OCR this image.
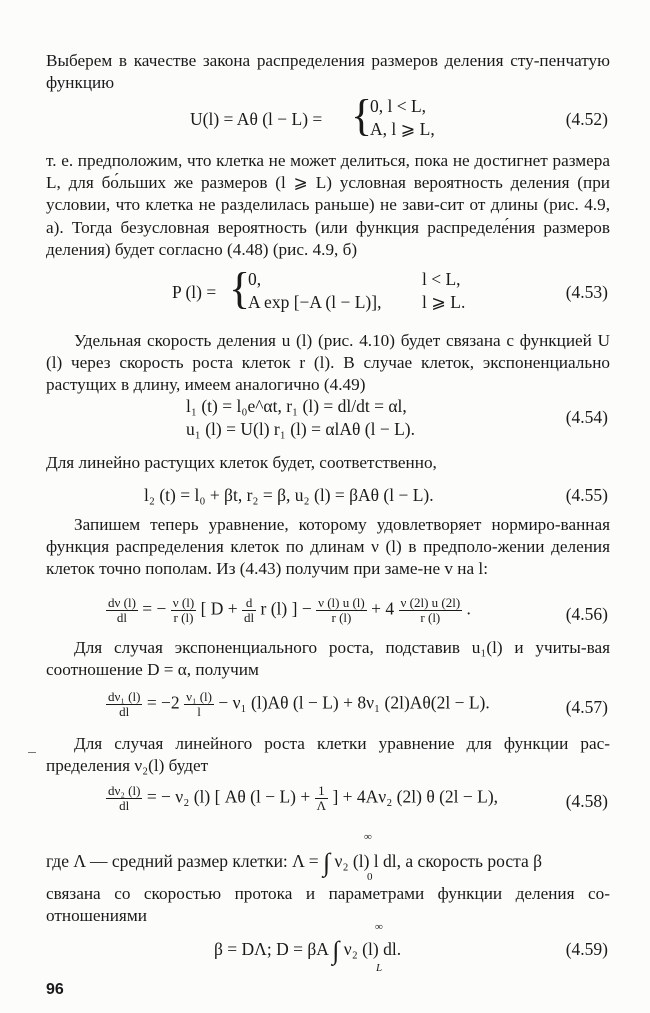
Выберем в качестве закона распределения размеров деления сту-пенчатую функцию
U(l) = Aθ (l − L) = {
0, l < L,
A, l ⩾ L,	(4.52)
т. е. предположим, что клетка не может делиться, пока не достигнет размера L, для бо́льших же размеров (l ⩾ L) условная вероятность деления (при условии, что клетка не разделилась раньше) не зави-сит от длины (рис. 4.9, а). Тогда безусловная вероятность (или функция распределе́ния размеров деления) будет согласно (4.48) (рис. 4.9, б)
P (l) = {
0,	l < L,
A exp [−A (l − L)], l ⩾ L.	(4.53)
Удельная скорость деления u (l) (рис. 4.10) будет связана с функцией U (l) через скорость роста клеток r (l). В случае клеток, экспоненциально растущих в длину, имеем аналогично (4.49)
l₁ (t) = l₀e^αt, r₁ (l) = dl/dt = αl,
u₁ (l) = U(l) r₁ (l) = αlAθ (l − L).
(4.54)
Для линейно растущих клеток будет, соответственно,
l₂ (t) = l₀ + βt, r₂ = β, u₂ (l) = βAθ (l − L).	(4.55)
Запишем теперь уравнение, которому удовлетворяет нормиро-ванная функция распределения клеток по длинам ν (l) в предполо-жении деления клеток точно пополам. Из (4.43) получим при заме-не v на l:
$\frac{d\nu (l)}{dl}$ = − $\frac{\nu (l)}{r (l)}$ [ $D + \frac{d}{dl}$ r (l) ] − $\frac{\nu (l) u (l)}{r (l)} + 4 \frac{\nu (2l) u (2l)}{r (l)}$ .	(4.56)
Для случая экспоненциального роста, подставив u₁(l) и учиты-вая соотношение D = α, получим
$\frac{\text{dν₁ (l)}}{dl} = -2 \frac{\text{ν₁ (l)}}{l} - \nu_1$ (l)Aθ (l − L) + 8ν₁ (2l)Aθ(2l − L).	(4.57)
Для случая линейного роста клетки уравнение для функции рас-пределения ν₂(l) будет
$\frac{\text{dν₂ (l)}}{dl}$ = − ν₂ (l) [ Aθ $(l - L) + \frac{1}{\Lambda}$ ] + 4Aν₂ (2l) θ (2l − L),	(4.58)
где Λ — средний размер клетки: Λ = ∫ ν₂ (l) l dl, а скорость роста β
∞
0
связана со скоростью протока и параметрами функции деления со-отношениями
β = DΛ; D = βA ∫ ν₂ (l) dl.
∞
L
(4.59)
96
